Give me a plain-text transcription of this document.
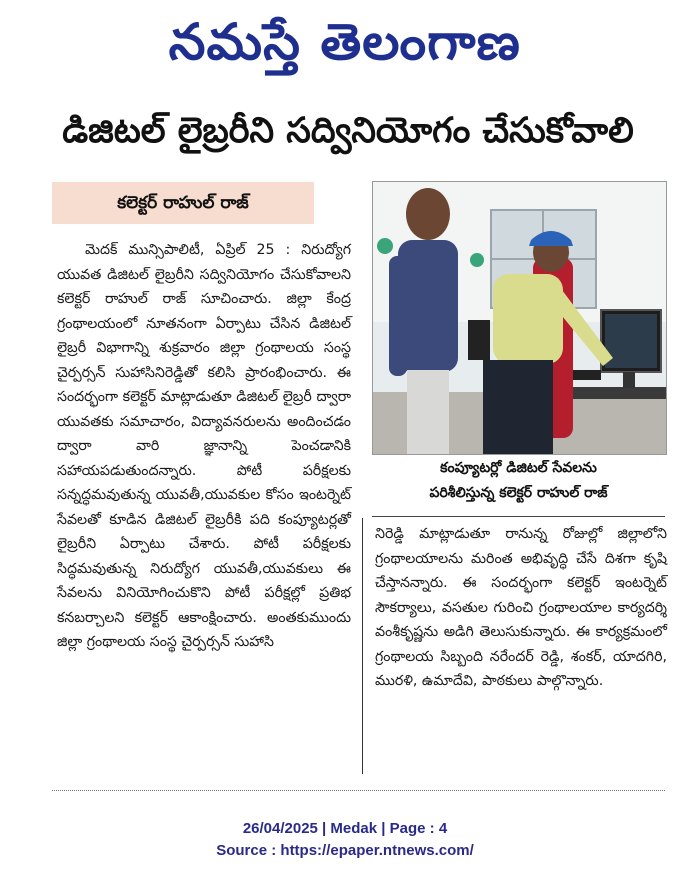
నమస్తే తెలంగాణ
డిజిటల్ లైబ్రరీని సద్వినియోగం చేసుకోవాలి
కలెక్టర్ రాహుల్ రాజ్

మెదక్ మున్సిపాలిటీ, ఏప్రిల్ 25 : నిరుద్యోగ యువత డిజిటల్ లైబ్రరీని సద్వినియోగం చేసుకోవాలని కలెక్టర్ రాహుల్ రాజ్ సూచించారు. జిల్లా కేంద్ర గ్రంథాలయంలో నూతనంగా ఏర్పాటు చేసిన డిజిటల్ లైబ్రరీ విభాగాన్ని శుక్రవారం జిల్లా గ్రంథాలయ సంస్థ చైర్పర్సన్ సుహాసినిరెడ్డితో కలిసి ప్రారంభించారు. ఈ సందర్భంగా కలెక్టర్ మాట్లాడుతూ డిజిటల్ లైబ్రరీ ద్వారా యువతకు సమాచారం, విద్యావనరులను అందించడం ద్వారా వారి జ్ఞానాన్ని పెంచడానికి సహాయపడుతుందన్నారు. పోటీ పరీక్షలకు సన్నద్ధమవుతున్న యువతీ,యువకుల కోసం ఇంటర్నెట్ సేవలతో కూడిన డిజిటల్ లైబ్రరీకి పది కంప్యూటర్లతో లైబ్రరీని ఏర్పాటు చేశారు. పోటీ పరీక్షలకు సిద్ధమవుతున్న నిరుద్యోగ యువతీ,యువకులు ఈ సేవలను వినియోగించుకొని పోటీ పరీక్షల్లో ప్రతిభ కనబర్చాలని కలెక్టర్ ఆకాంక్షించారు. అంతకుముందు జిల్లా గ్రంథాలయ సంస్థ చైర్పర్సన్ సుహాసి

కంప్యూటర్లో డిజిటల్ సేవలను
పరిశీలిస్తున్న కలెక్టర్ రాహుల్ రాజ్

నిరెడ్డి మాట్లాడుతూ రానున్న రోజుల్లో జిల్లాలోని గ్రంథాలయాలను మరింత అభివృద్ధి చేసే దిశగా కృషి చేస్తానన్నారు. ఈ సందర్భంగా కలెక్టర్ ఇంటర్నెట్ సౌకర్యాలు, వసతుల గురించి గ్రంథాలయాల కార్యదర్శి వంశీకృష్ణను అడిగి తెలుసుకున్నారు. ఈ కార్యక్రమంలో గ్రంథాలయ సిబ్బంది నరేందర్ రెడ్డి, శంకర్, యాదగిరి, మురళి, ఉమాదేవి, పాఠకులు పాల్గొన్నారు.

26/04/2025 | Medak | Page : 4
Source : https://epaper.ntnews.com/
